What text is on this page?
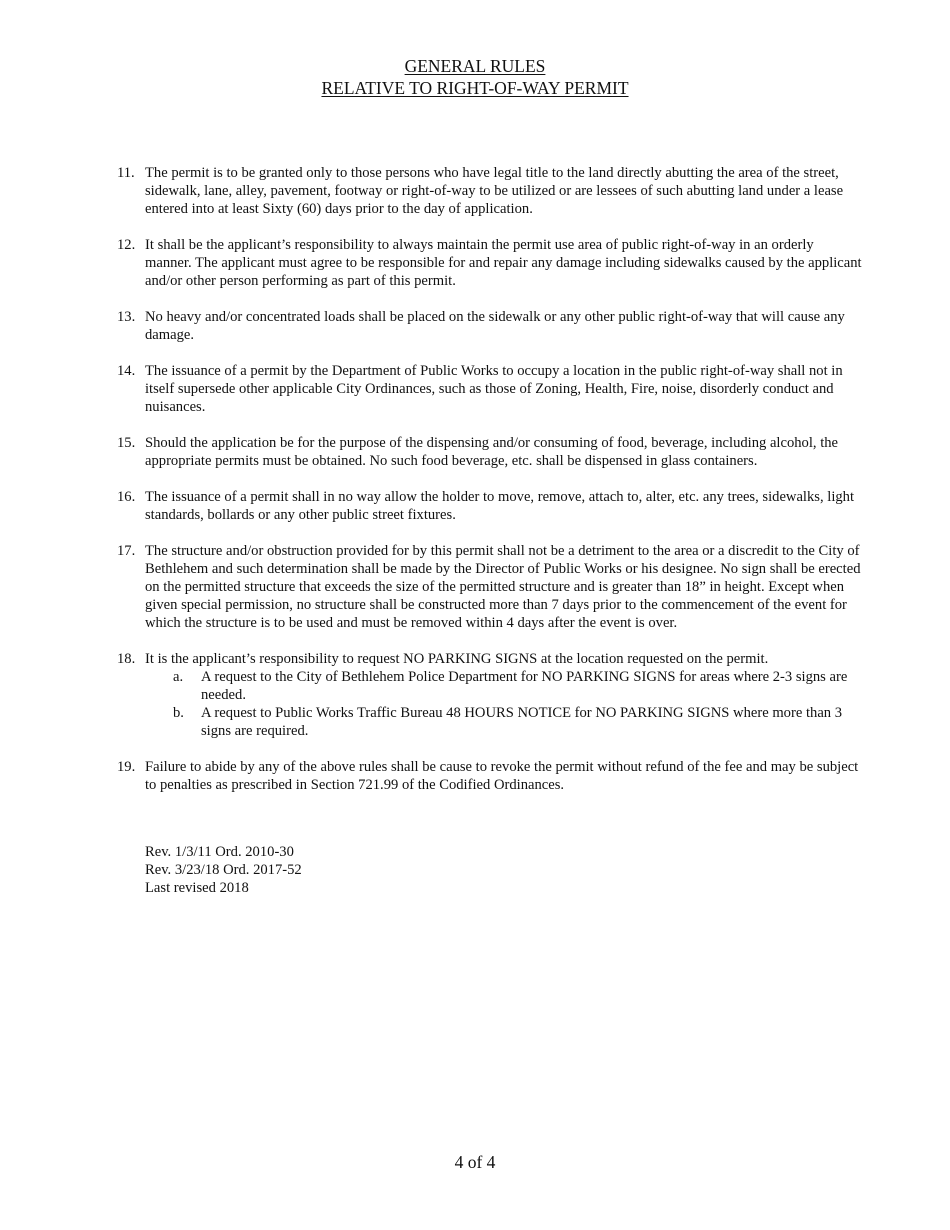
GENERAL RULES
RELATIVE TO RIGHT-OF-WAY PERMIT
11. The permit is to be granted only to those persons who have legal title to the land directly abutting the area of the street, sidewalk, lane, alley, pavement, footway or right-of-way to be utilized or are lessees of such abutting land under a lease entered into at least Sixty (60) days prior to the day of application.
12. It shall be the applicant’s responsibility to always maintain the permit use area of public right-of-way in an orderly manner. The applicant must agree to be responsible for and repair any damage including sidewalks caused by the applicant and/or other person performing as part of this permit.
13. No heavy and/or concentrated loads shall be placed on the sidewalk or any other public right-of-way that will cause any damage.
14. The issuance of a permit by the Department of Public Works to occupy a location in the public right-of-way shall not in itself supersede other applicable City Ordinances, such as those of Zoning, Health, Fire, noise, disorderly conduct and nuisances.
15. Should the application be for the purpose of the dispensing and/or consuming of food, beverage, including alcohol, the appropriate permits must be obtained. No such food beverage, etc. shall be dispensed in glass containers.
16. The issuance of a permit shall in no way allow the holder to move, remove, attach to, alter, etc. any trees, sidewalks, light standards, bollards or any other public street fixtures.
17. The structure and/or obstruction provided for by this permit shall not be a detriment to the area or a discredit to the City of Bethlehem and such determination shall be made by the Director of Public Works or his designee. No sign shall be erected on the permitted structure that exceeds the size of the permitted structure and is greater than 18” in height. Except when given special permission, no structure shall be constructed more than 7 days prior to the commencement of the event for which the structure is to be used and must be removed within 4 days after the event is over.
18. It is the applicant’s responsibility to request NO PARKING SIGNS at the location requested on the permit.
a. A request to the City of Bethlehem Police Department for NO PARKING SIGNS for areas where 2-3 signs are needed.
b. A request to Public Works Traffic Bureau 48 HOURS NOTICE for NO PARKING SIGNS where more than 3 signs are required.
19. Failure to abide by any of the above rules shall be cause to revoke the permit without refund of the fee and may be subject to penalties as prescribed in Section 721.99 of the Codified Ordinances.
Rev. 1/3/11 Ord. 2010-30
Rev. 3/23/18 Ord. 2017-52
Last revised 2018
4 of 4
